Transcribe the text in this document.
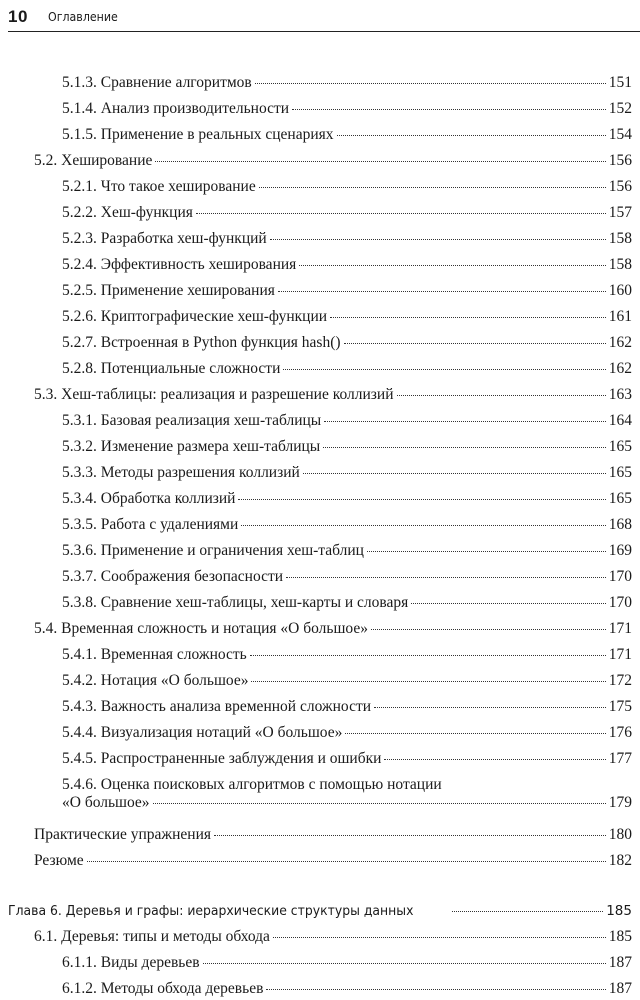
10 Оглавление
5.1.3. Сравнение алгоритмов	151
5.1.4. Анализ производительности	152
5.1.5. Применение в реальных сценариях	154
5.2. Хеширование	156
5.2.1. Что такое хеширование	156
5.2.2. Хеш-функция	157
5.2.3. Разработка хеш-функций	158
5.2.4. Эффективность хеширования	158
5.2.5. Применение хеширования	160
5.2.6. Криптографические хеш-функции	161
5.2.7. Встроенная в Python функция hash()	162
5.2.8. Потенциальные сложности	162
5.3. Хеш-таблицы: реализация и разрешение коллизий	163
5.3.1. Базовая реализация хеш-таблицы	164
5.3.2. Изменение размера хеш-таблицы	165
5.3.3. Методы разрешения коллизий	165
5.3.4. Обработка коллизий	165
5.3.5. Работа с удалениями	168
5.3.6. Применение и ограничения хеш-таблиц	169
5.3.7. Соображения безопасности	170
5.3.8. Сравнение хеш-таблицы, хеш-карты и словаря	170
5.4. Временная сложность и нотация «О большое»	171
5.4.1. Временная сложность	171
5.4.2. Нотация «О большое»	172
5.4.3. Важность анализа временной сложности	175
5.4.4. Визуализация нотаций «О большое»	176
5.4.5. Распространенные заблуждения и ошибки	177
5.4.6. Оценка поисковых алгоритмов с помощью нотации
«О большое»	179
Практические упражнения	180
Резюме	182
Глава 6. Деревья и графы: иерархические структуры данных	185
6.1. Деревья: типы и методы обхода	185
6.1.1. Виды деревьев	187
6.1.2. Методы обхода деревьев	187
